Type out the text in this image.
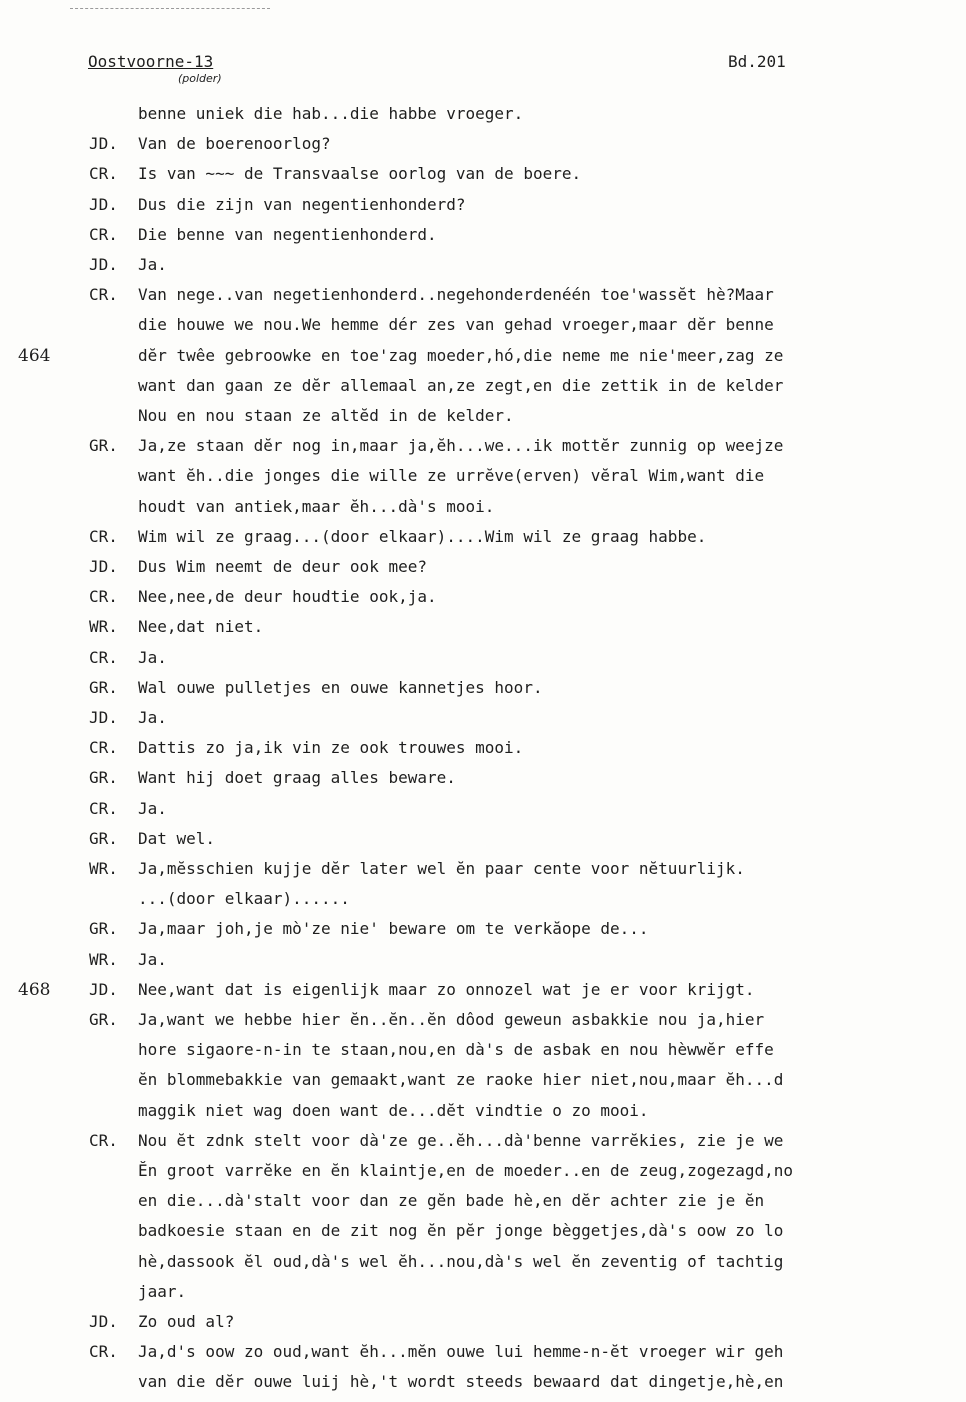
Oostvoorne-13
(polder)
Bd.201
benne uniek die hab...die habbe vroeger.
JD. Van de boerenoorlog?
CR. Is van ~~~ de Transvaalse oorlog van de boere.
JD. Dus die zijn van negentienhonderd?
CR. Die benne van negentienhonderd.
JD. Ja.
CR. Van nege..van negetienhonderd..negehonderdenéén toe'wassĕt hè?Maar
die houwe we nou.We hemme dér zes van gehad vroeger,maar dĕr benne
464	dĕr twêe gebroowke en toe'zag moeder,hó,die neme me nie'meer,zag ze
want dan gaan ze dĕr allemaal an,ze zegt,en die zettik in de kelder
Nou en nou staan ze altĕd in de kelder.
GR. Ja,ze staan dĕr nog in,maar ja,ĕh...we...ik mottĕr zunnig op weejze
want ĕh..die jonges die wille ze urrĕve(erven) vĕral Wim,want die
houdt van antiek,maar ĕh...dà's mooi.
CR. Wim wil ze graag...(door elkaar)....Wim wil ze graag habbe.
JD. Dus Wim neemt de deur ook mee?
CR. Nee,nee,de deur houdtie ook,ja.
WR. Nee,dat niet.
CR. Ja.
GR. Wal ouwe pulletjes en ouwe kannetjes hoor.
JD. Ja.
CR. Dattis zo ja,ik vin ze ook trouwes mooi.
GR. Want hij doet graag alles beware.
CR. Ja.
GR. Dat wel.
WR. Ja,mĕsschien kujje dĕr later wel ĕn paar cente voor nĕtuurlijk.
...(door elkaar)......
GR. Ja,maar joh,je mò'ze nie' beware om te verkăope de...
WR. Ja.
468 JD. Nee,want dat is eigenlijk maar zo onnozel wat je er voor krijgt.
GR. Ja,want we hebbe hier ĕn..ĕn..ĕn dôod geweun asbakkie nou ja,hier
hore sigaore-n-in te staan,nou,en dà's de asbak en nou hèwwĕr effe
ĕn blommebakkie van gemaakt,want ze raoke hier niet,nou,maar ĕh...d
maggik niet wag doen want de...dĕt vindtie o zo mooi.
CR. Nou ĕt zdnk stelt voor dà'ze ge..ĕh...dà'benne varrĕkies, zie je we
Ĕn groot varrĕke en ĕn klaintje,en de moeder..en de zeug,zogezagd,no
en die...dà'stalt voor dan ze gĕn bade hè,en dĕr achter zie je ĕn
badkoesie staan en de zit nog ĕn pĕr jonge bèggetjes,dà's oow zo lo
hè,dassook ĕl oud,dà's wel ĕh...nou,dà's wel ĕn zeventig of tachtig
jaar.
JD. Zo oud al?
CR. Ja,d's oow zo oud,want ĕh...mĕn ouwe lui hemme-n-ĕt vroeger wir geh
van die dĕr ouwe luij hè,'t wordt steeds bewaard dat dingetje,hè,en
